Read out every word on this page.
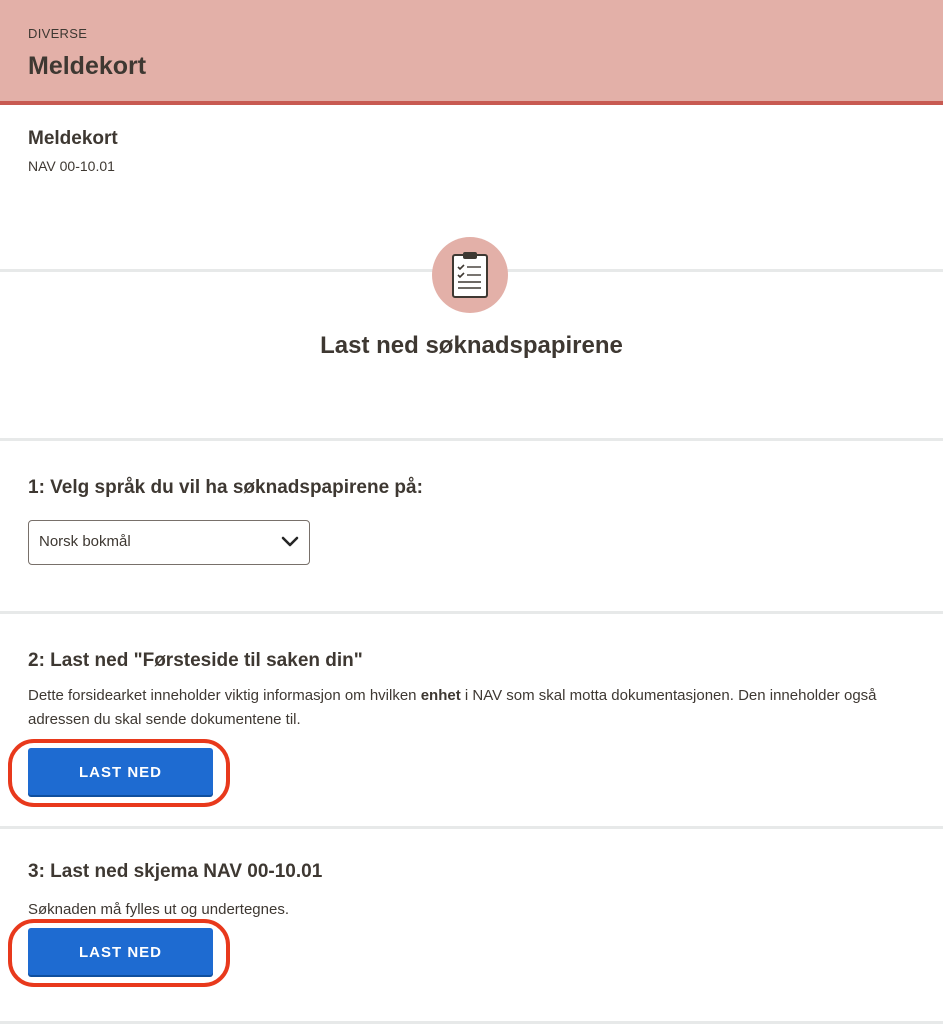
DIVERSE
Meldekort
Meldekort
NAV 00-10.01
Last ned søknadspapirene
1: Velg språk du vil ha søknadspapirene på:
Norsk bokmål
2: Last ned "Førsteside til saken din"
Dette forsidearket inneholder viktig informasjon om hvilken enhet i NAV som skal motta dokumentasjonen. Den inneholder også adressen du skal sende dokumentene til.
LAST NED
3: Last ned skjema NAV 00-10.01
Søknaden må fylles ut og undertegnes.
LAST NED
